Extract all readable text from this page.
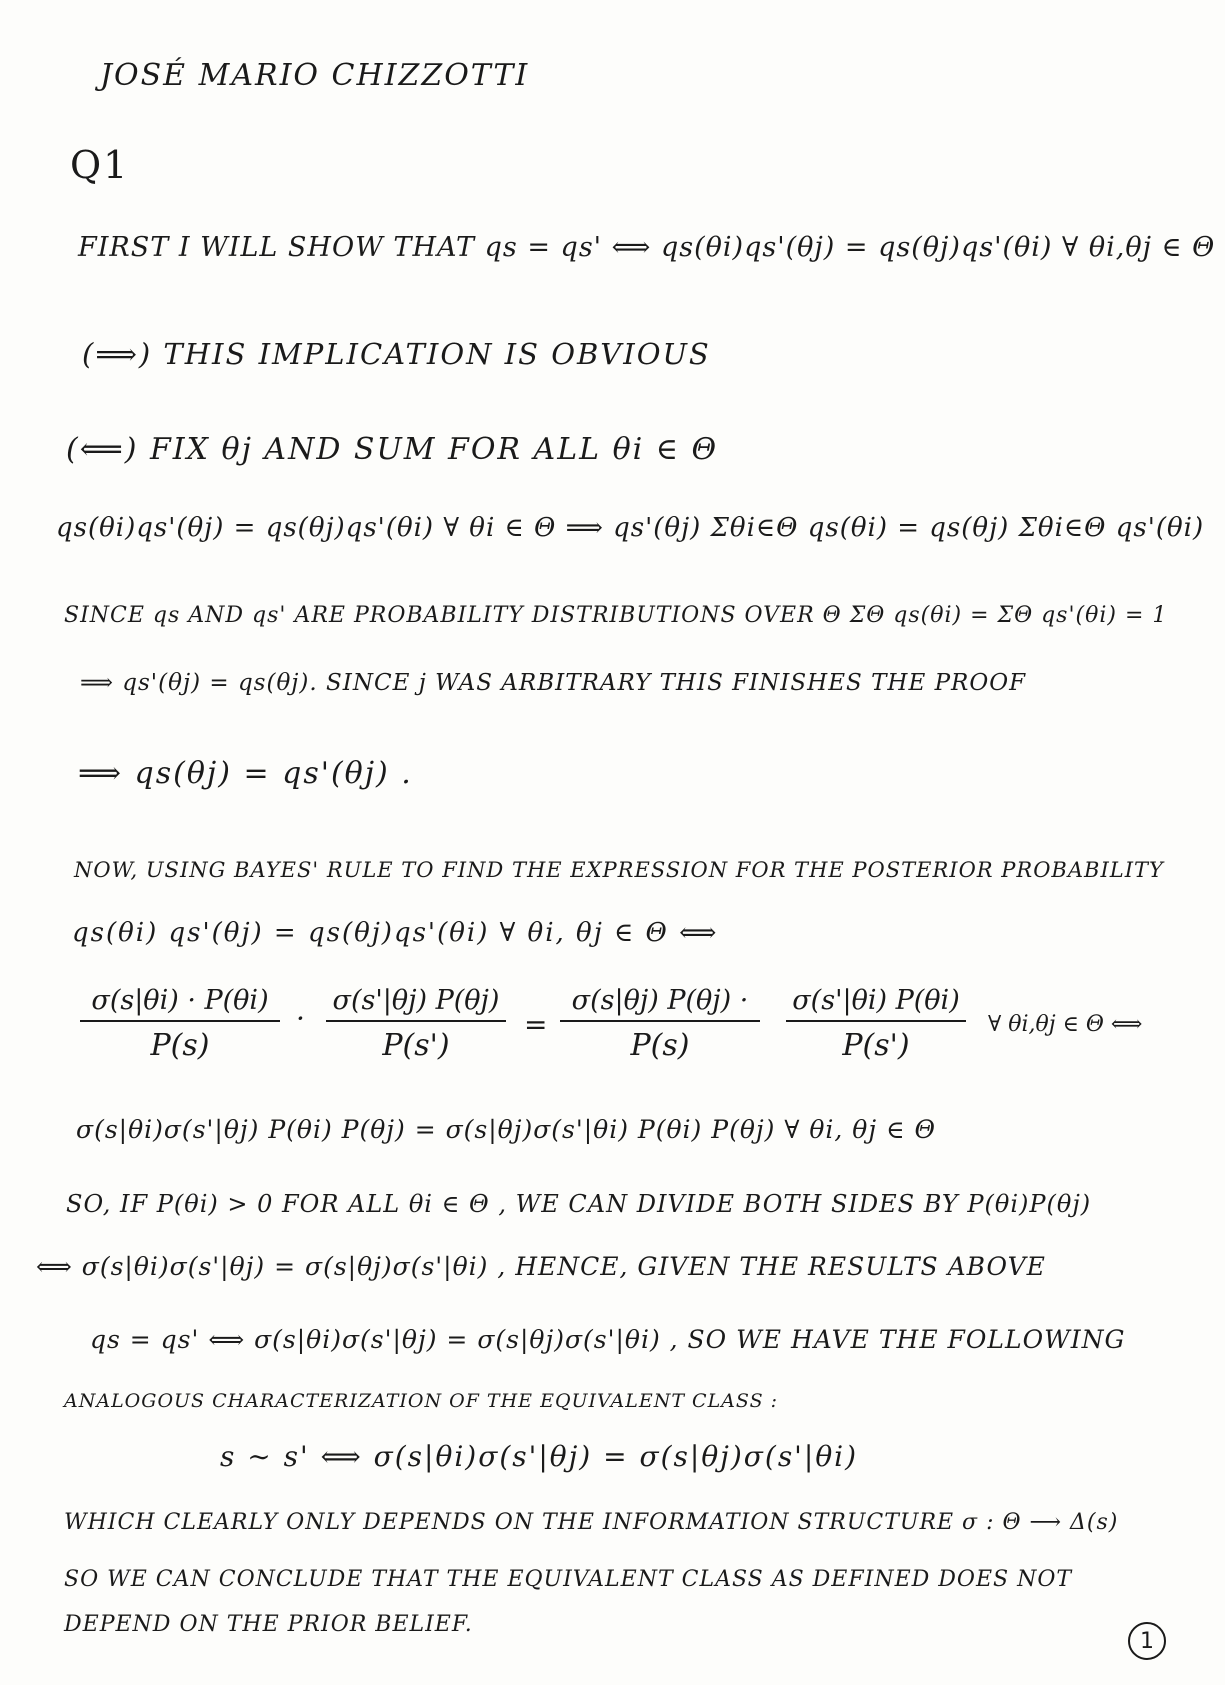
JOSÉ MARIO CHIZZOTTI

Q1

FIRST I WILL SHOW THAT qs = qs' ⟺ qs(θi)qs'(θj) = qs(θj)qs'(θi) ∀ θi,θj ∈ Θ

(⟹) THIS IMPLICATION IS OBVIOUS

(⟸) FIX θj AND SUM FOR ALL θi ∈ Θ

qs(θi)qs'(θj) = qs(θj)qs'(θi) ∀ θi ∈ Θ ⟹ qs'(θj) Σθi∈Θ qs(θi) = qs(θj) Σθi∈Θ qs'(θi)

SINCE qs AND qs' ARE PROBABILITY DISTRIBUTIONS OVER Θ ΣΘ qs(θi) = ΣΘ qs'(θi) = 1

⟹ qs'(θj) = qs(θj). SINCE j WAS ARBITRARY THIS FINISHES THE PROOF

⟹ qs(θj) = qs'(θj) .

NOW, USING BAYES' RULE TO FIND THE EXPRESSION FOR THE POSTERIOR PROBABILITY

qs(θi) qs'(θj) = qs(θj)qs'(θi) ∀ θi, θj ∈ Θ ⟺

$\frac{\sigma(s|\theta i) \cdot P(\theta i)}{P(s)} \cdot \frac{\sigma(s'|\theta j) P(\theta j)}{P(s')} = \frac{\sigma(s|\theta j) P(\theta j) \cdot}{P(s)} \frac{\sigma(s'|\theta i) P(\theta i)}{P(s')}$ ∀ θi,θj ∈ Θ ⟺

σ(s|θi)σ(s'|θj) P(θi) P(θj) = σ(s|θj)σ(s'|θi) P(θi) P(θj) ∀ θi, θj ∈ Θ

SO, IF P(θi) > 0 FOR ALL θi ∈ Θ , WE CAN DIVIDE BOTH SIDES BY P(θi)P(θj)

⟺ σ(s|θi)σ(s'|θj) = σ(s|θj)σ(s'|θi) , HENCE, GIVEN THE RESULTS ABOVE

qs = qs' ⟺ σ(s|θi)σ(s'|θj) = σ(s|θj)σ(s'|θi) , SO WE HAVE THE FOLLOWING

ANALOGOUS CHARACTERIZATION OF THE EQUIVALENT CLASS :

s ∼ s' ⟺ σ(s|θi)σ(s'|θj) = σ(s|θj)σ(s'|θi)

WHICH CLEARLY ONLY DEPENDS ON THE INFORMATION STRUCTURE σ : Θ ⟶ Δ(s)

SO WE CAN CONCLUDE THAT THE EQUIVALENT CLASS AS DEFINED DOES NOT

DEPEND ON THE PRIOR BELIEF.

1
